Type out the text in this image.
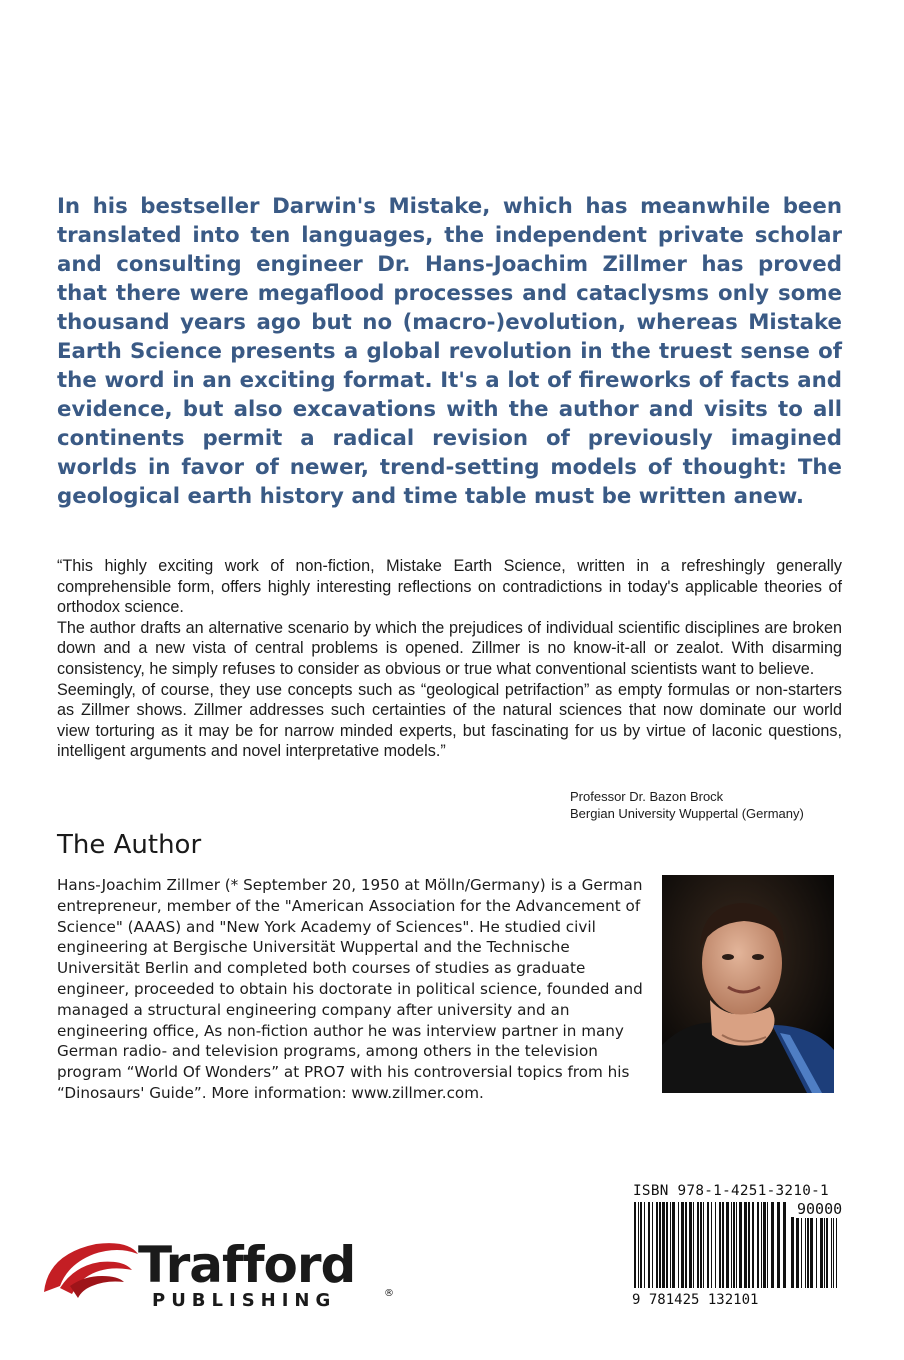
In his bestseller Darwin's Mistake, which has meanwhile been translated into ten languages, the independent private scholar and consulting engineer Dr. Hans-Joachim Zillmer has proved that there were megaflood processes and cataclysms only some thousand years ago but no (macro-)evolution, whereas Mistake Earth Science presents a global revolution in the truest sense of the word in an exciting format. It's a lot of fireworks of facts and evidence, but also excavations with the author and visits to all continents permit a radical revision of previously imagined worlds in favor of newer, trend-setting models of thought: The geological earth history and time table must be written anew.

“This highly exciting work of non-fiction, Mistake Earth Science, written in a refreshingly generally comprehensible form, offers highly interesting reflections on contradictions in today's applicable theories of orthodox science.

The author drafts an alternative scenario by which the prejudices of individual scientific disciplines are broken down and a new vista of central problems is opened. Zillmer is no know-it-all or zealot. With disarming consistency, he simply refuses to consider as obvious or true what conventional scientists want to believe.

Seemingly, of course, they use concepts such as “geological petrifaction” as empty formulas or non-starters as Zillmer shows. Zillmer addresses such certainties of the natural sciences that now dominate our world view torturing as it may be for narrow minded experts, but fascinating for us by virtue of laconic questions, intelligent arguments and novel interpretative models.”

Professor Dr. Bazon Brock
Bergian University Wuppertal (Germany)
The Author

Hans-Joachim Zillmer (* September 20, 1950 at Mölln/Germany) is a German entrepreneur, member of the "American Association for the Advancement of Science" (AAAS) and "New York Academy of Sciences". He studied civil engineering at Bergische Universität Wuppertal and the Technische Universität Berlin and completed both courses of studies as graduate engineer, proceeded to obtain his doctorate in political science, founded and managed a structural engineering company after university and an engineering office, As non-fiction author he was interview partner in many German radio- and television programs, among others in the television program “World Of Wonders” at PRO7 with his controversial topics from his “Dinosaurs' Guide”. More information: www.zillmer.com.

ISBN 978-1-4251-3210-1
90000
9 781425 132101
Trafford
PUBLISHING	®
